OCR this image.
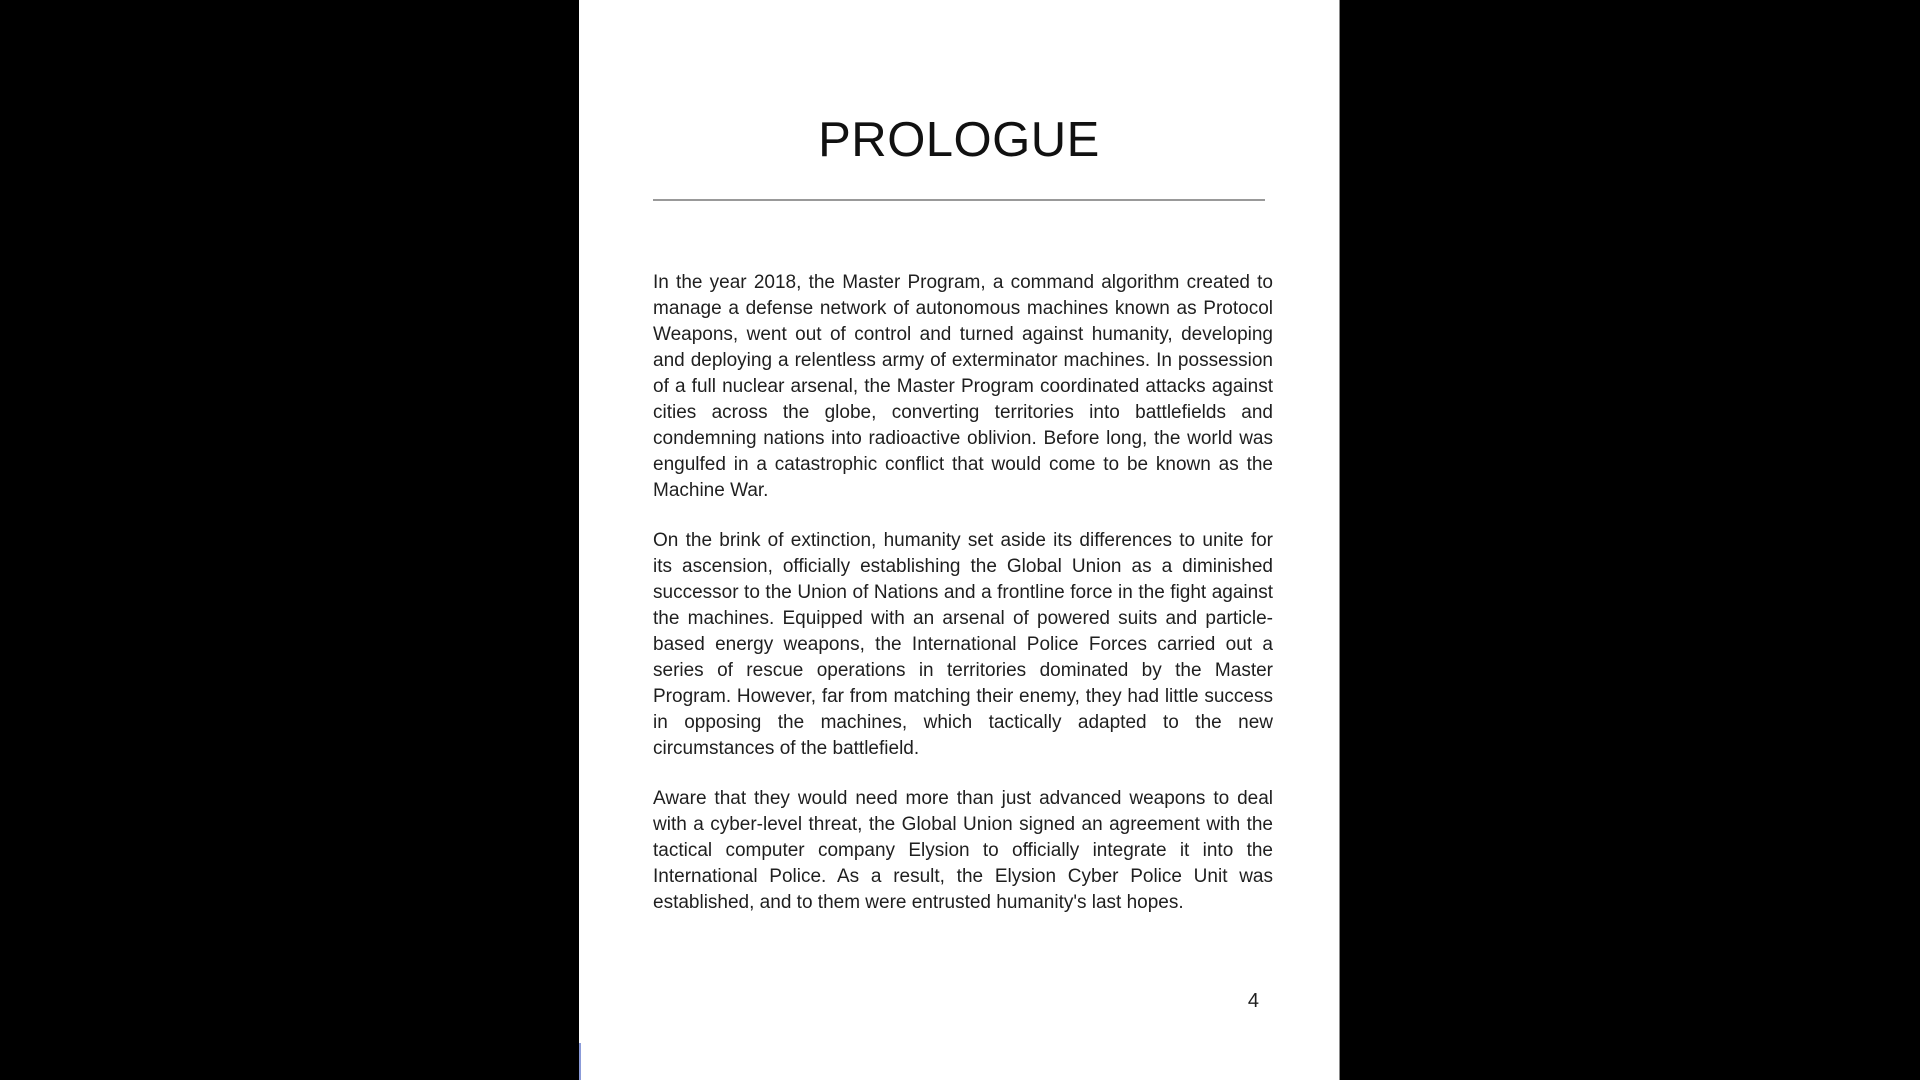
PROLOGUE

In the year 2018, the Master Program, a command algorithm created to manage a defense network of autonomous machines known as Protocol Weapons, went out of control and turned against humanity, developing and deploying a relentless army of exterminator machines. In possession of a full nuclear arsenal, the Master Program coordinated attacks against cities across the globe, converting territories into battlefields and condemning nations into radioactive oblivion. Before long, the world was engulfed in a catastrophic conflict that would come to be known as the Machine War.

On the brink of extinction, humanity set aside its differences to unite for its ascension, officially establishing the Global Union as a diminished successor to the Union of Nations and a frontline force in the fight against the machines. Equipped with an arsenal of powered suits and particle-based energy weapons, the International Police Forces carried out a series of rescue operations in territories dominated by the Master Program. However, far from matching their enemy, they had little success in opposing the machines, which tactically adapted to the new circumstances of the battlefield.

Aware that they would need more than just advanced weapons to deal with a cyber-level threat, the Global Union signed an agreement with the tactical computer company Elysion to officially integrate it into the International Police. As a result, the Elysion Cyber Police Unit was established, and to them were entrusted humanity's last hopes.

4
